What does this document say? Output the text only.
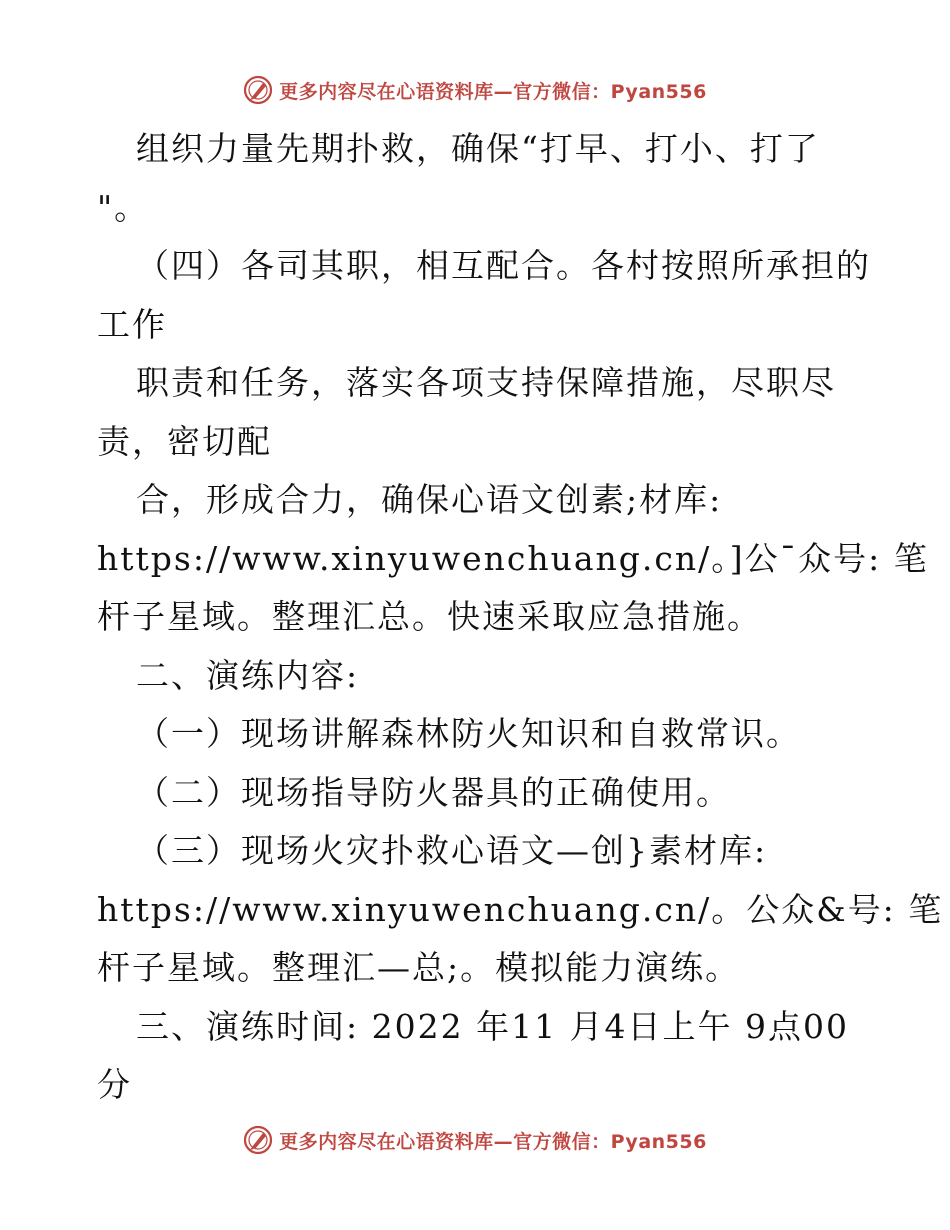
更多内容尽在心语资料库—官方微信：Pyan556
组织力量先期扑救，确保“打早、打小、打了
"。
（四）各司其职，相互配合。各村按照所承担的
工作
职责和任务，落实各项支持保障措施，尽职尽
责，密切配
合，形成合力，确保心语文创素;材库:
https://www.xinyuwenchuang.cn/。]公¯众号: 笔
杆子星域。整理汇总。快速采取应急措施。
二、演练内容:
（一）现场讲解森林防火知识和自救常识。
（二）现场指导防火器具的正确使用。
（三）现场火灾扑救心语文—创}素材库:
https://www.xinyuwenchuang.cn/。公众&号: 笔
杆子星域。整理汇—总;。模拟能力演练。
三、演练时间: 2022 年11 月4日上午 9点00
分
更多内容尽在心语资料库—官方微信：Pyan556
